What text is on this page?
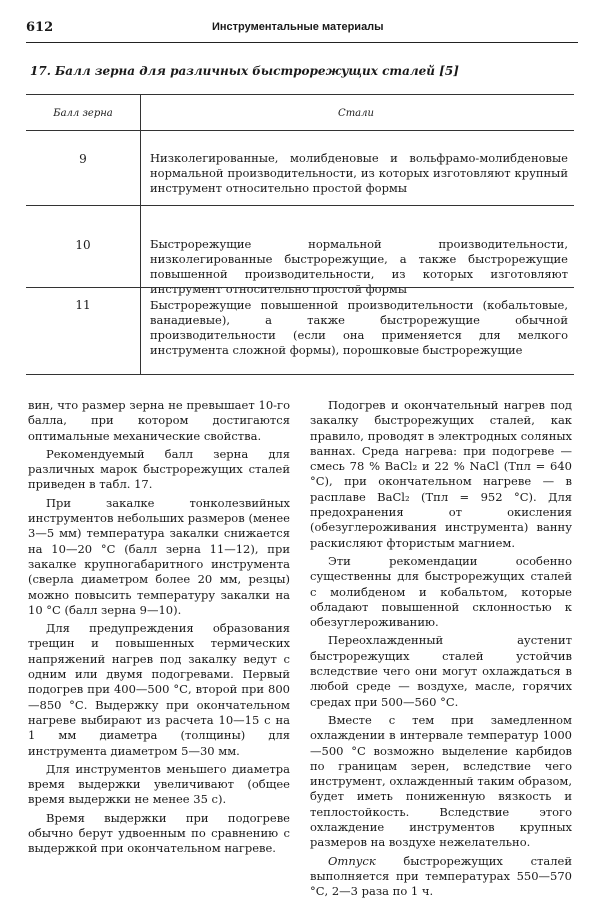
612	Инструментальные материалы
17. Балл зерна для различных быстрорежущих сталей [5]
Балл зерна	Стали
9	Низколегированные, молибденовые и вольфрамо-молибденовые нормальной производительности, из которых изготовляют крупный инструмент относительно простой формы
10	Быстрорежущие нормальной производительности, низколегированные быстрорежущие, а также быстрорежущие повышенной производительности, из которых изготовляют инструмент относительно простой формы
11	Быстрорежущие повышенной производительности (кобальтовые, ванадиевые), а также быстрорежущие обычной производительности (если она применяется для мелкого инструмента сложной формы), порошковые быстрорежущие

вин, что размер зерна не превышает 10-го балла, при котором достигаются оптимальные механические свойства.

Рекомендуемый балл зерна для различных марок быстрорежущих сталей приведен в табл. 17.

При закалке тонколезвийных инструментов небольших размеров (менее 3—5 мм) температура закалки снижается на 10—20 °С (балл зерна 11—12), при закалке крупногабаритного инструмента (сверла диаметром более 20 мм, резцы) можно повысить температуру закалки на 10 °С (балл зерна 9—10).

Для предупреждения образования трещин и повышенных термических напряжений нагрев под закалку ведут с одним или двумя подогревами. Первый подогрев при 400—500 °С, второй при 800—850 °С. Выдержку при окончательном нагреве выбирают из расчета 10—15 с на 1 мм диаметра (толщины) для инструмента диаметром 5—30 мм.

Для инструментов меньшего диаметра время выдержки увеличивают (общее время выдержки не менее 35 с).

Время выдержки при подогреве обычно берут удвоенным по сравнению с выдержкой при окончательном нагреве.

Подогрев и окончательный нагрев под закалку быстрорежущих сталей, как правило, проводят в электродных соляных ваннах. Среда нагрева: при подогреве — смесь 78 % BaCl₂ и 22 % NaCl (Тпл = 640 °С), при окончательном нагреве — в расплаве BaCl₂ (Тпл = 952 °С). Для предохранения от окисления (обезуглероживания инструмента) ванну раскисляют фтористым магнием.

Эти рекомендации особенно существенны для быстрорежущих сталей с молибденом и кобальтом, которые обладают повышенной склонностью к обезуглероживанию.

Переохлажденный аустенит быстрорежущих сталей устойчив вследствие чего они могут охлаждаться в любой среде — воздухе, масле, горячих средах при 500—560 °С.

Вместе с тем при замедленном охлаждении в интервале температур 1000—500 °С возможно выделение карбидов по границам зерен, вследствие чего инструмент, охлажденный таким образом, будет иметь пониженную вязкость и теплостойкость. Вследствие этого охлаждение инструментов крупных размеров на воздухе нежелательно.

Отпуск быстрорежущих сталей выполняется при температурах 550—570 °С, 2—3 раза по 1 ч.
